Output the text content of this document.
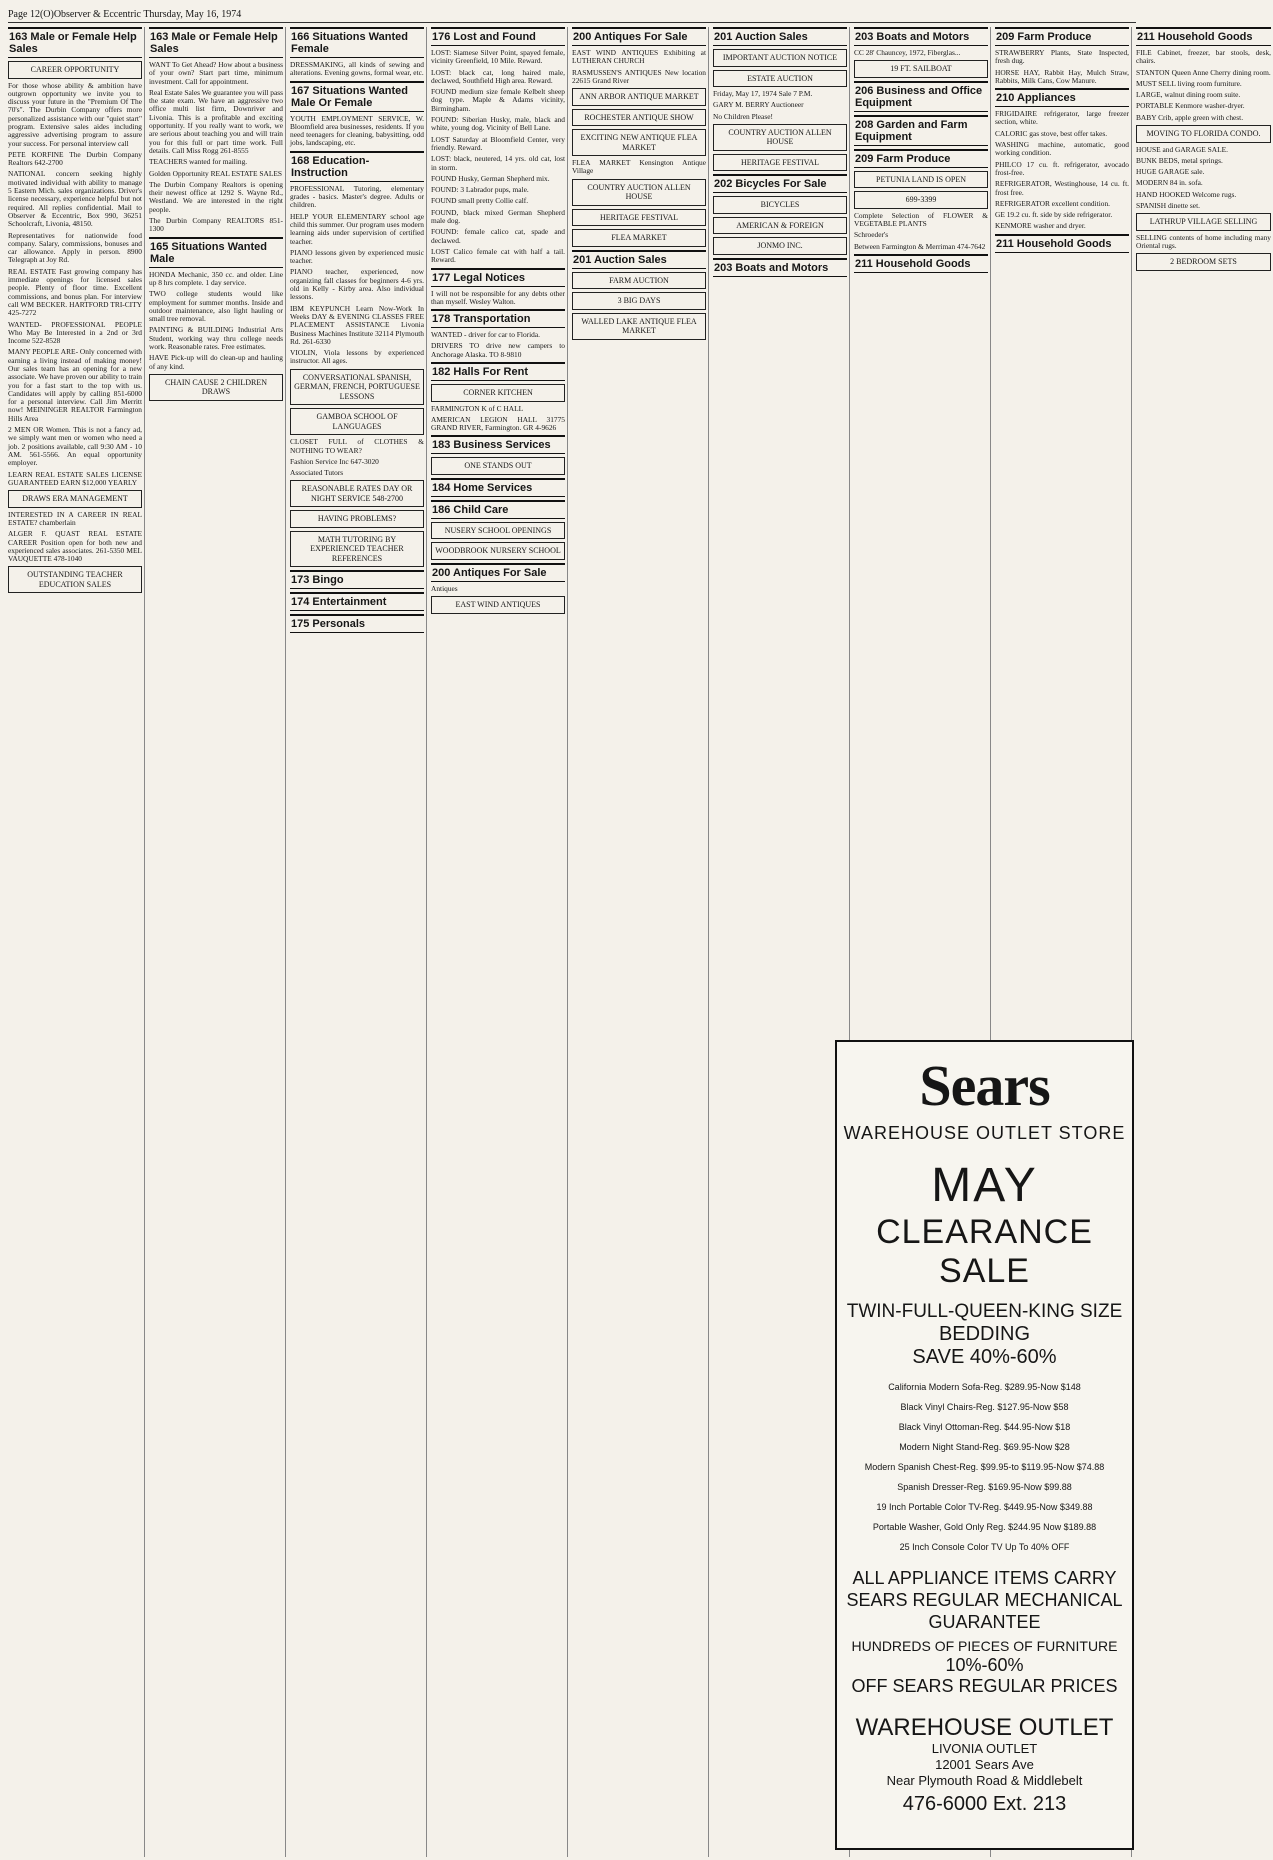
Page 12(O)Observer & Eccentric Thursday, May 16, 1974
163 Male or Female Help Sales
CAREER OPPORTUNITY
For those whose ability & ambition have outgrown opportunity we invite you to discuss your future in the "Premium Of The 70's". The Durbin Company offers more personalized assistance with our "quiet start" program. Extensive sales aides including aggressive advertising program to assure your success. For personal interview call
PETE KORFINE The Durbin Company Realtors 642-2700
NATIONAL concern seeking highly motivated individual with ability to manage 5 Eastern Mich. sales organizations. Driver's license necessary, experience helpful but not required. All replies confidential. Mail to Observer & Eccentric, Box 990, 36251 Schoolcraft, Livonia, 48150.
Representatives for nationwide food company. Salary, commissions, bonuses and car allowance. Apply in person. 8900 Telegraph at Joy Rd.
REAL ESTATE Fast growing company has immediate openings for licensed sales people. Plenty of floor time. Excellent commissions, and bonus plan. For interview call WM BECKER. HARTFORD TRI-CITY 425-7272
WANTED- PROFESSIONAL PEOPLE Who May Be Interested in a 2nd or 3rd Income 522-8528
MANY PEOPLE ARE- Only concerned with earning a living instead of making money! Our sales team has an opening for a new associate. We have proven our ability to train you for a fast start to the top with us. Candidates will apply by calling 851-6000 for a personal interview. Call Jim Merritt now! MEININGER REALTOR Farmington Hills Area
2 MEN OR Women. This is not a fancy ad, we simply want men or women who need a job. 2 positions available, call 9:30 AM - 10 AM. 561-5566. An equal opportunity employer.
LEARN REAL ESTATE SALES LICENSE GUARANTEED EARN $12,000 YEARLY
DRAWS ERA MANAGEMENT
INTERESTED IN A CAREER IN REAL ESTATE? chamberlain
ALGER F. QUAST REAL ESTATE CAREER Position open for both new and experienced sales associates. 261-5350 MEL VAUQUETTE 478-1040
OUTSTANDING TEACHER EDUCATION SALES
163 Male or Female Help Sales
WANT To Get Ahead? How about a business of your own? Start part time, minimum investment. Call for appointment.
Real Estate Sales We guarantee you will pass the state exam. We have an aggressive two office multi list firm, Downriver and Livonia. This is a profitable and exciting opportunity. If you really want to work, we are serious about teaching you and will train you for this full or part time work. Full details. Call Miss Rogg 261-8555
TEACHERS wanted for mailing.
Golden Opportunity REAL ESTATE SALES
The Durbin Company Realtors is opening their newest office at 1292 S. Wayne Rd., Westland. We are interested in the right people.
The Durbin Company REALTORS 851-1300
165 Situations Wanted Male
HONDA Mechanic, 350 cc. and older. Line up 8 hrs complete. 1 day service.
TWO college students would like employment for summer months. Inside and outdoor maintenance, also light hauling or small tree removal.
PAINTING & BUILDING Industrial Arts Student, working way thru college needs work. Reasonable rates. Free estimates.
HAVE Pick-up will do clean-up and hauling of any kind.
CHAIN CAUSE 2 CHILDREN DRAWS
166 Situations Wanted Female
DRESSMAKING, all kinds of sewing and alterations. Evening gowns, formal wear, etc.
167 Situations Wanted Male Or Female
YOUTH EMPLOYMENT SERVICE, W. Bloomfield area businesses, residents. If you need teenagers for cleaning, babysitting, odd jobs, landscaping, etc.
168 Education-Instruction
PROFESSIONAL Tutoring, elementary grades - basics. Master's degree. Adults or children.
HELP YOUR ELEMENTARY school age child this summer. Our program uses modern learning aids under supervision of certified teacher.
PIANO lessons given by experienced music teacher.
PIANO teacher, experienced, now organizing fall classes for beginners 4-6 yrs. old in Kelly - Kirby area. Also individual lessons.
IBM KEYPUNCH Learn Now-Work In Weeks DAY & EVENING CLASSES FREE PLACEMENT ASSISTANCE Livonia Business Machines Institute 32114 Plymouth Rd. 261-6330
VIOLIN, Viola lessons by experienced instructor. All ages.
CONVERSATIONAL SPANISH, GERMAN, FRENCH, PORTUGUESE LESSONS
GAMBOA SCHOOL OF LANGUAGES
CLOSET FULL of CLOTHES & NOTHING TO WEAR?
Fashion Service Inc 647-3020
Associated Tutors
REASONABLE RATES DAY OR NIGHT SERVICE 548-2700
HAVING PROBLEMS?
MATH TUTORING BY EXPERIENCED TEACHER REFERENCES
173 Bingo
174 Entertainment
175 Personals
176 Lost and Found
LOST: Siamese Silver Point, spayed female, vicinity Greenfield, 10 Mile. Reward.
LOST: black cat, long haired male, declawed, Southfield High area. Reward.
FOUND medium size female Kelbelt sheep dog type. Maple & Adams vicinity, Birmingham.
FOUND: Siberian Husky, male, black and white, young dog. Vicinity of Bell Lane.
LOST Saturday at Bloomfield Center, very friendly. Reward.
LOST: black, neutered, 14 yrs. old cat, lost in storm.
FOUND Husky, German Shepherd mix.
FOUND: 3 Labrador pups, male.
FOUND small pretty Collie calf.
FOUND, black mixed German Shepherd male dog.
FOUND: female calico cat, spade and declawed.
LOST Calico female cat with half a tail. Reward.
177 Legal Notices
I will not be responsible for any debts other than myself. Wesley Walton.
178 Transportation
WANTED - driver for car to Florida.
DRIVERS TO drive new campers to Anchorage Alaska. TO 8-9810
182 Halls For Rent
CORNER KITCHEN
FARMINGTON K of C HALL
AMERICAN LEGION HALL 31775 GRAND RIVER, Farmington. GR 4-9626
183 Business Services
ONE STANDS OUT
184 Home Services
186 Child Care
NUSERY SCHOOL OPENINGS
WOODBROOK NURSERY SCHOOL
200 Antiques For Sale
Antiques
EAST WIND ANTIQUES
200 Antiques For Sale
EAST WIND ANTIQUES Exhibiting at LUTHERAN CHURCH
RASMUSSEN'S ANTIQUES New location 22615 Grand River
ANN ARBOR ANTIQUE MARKET
ROCHESTER ANTIQUE SHOW
EXCITING NEW ANTIQUE FLEA MARKET
FLEA MARKET Kensington Antique Village
COUNTRY AUCTION ALLEN HOUSE
HERITAGE FESTIVAL
FLEA MARKET
201 Auction Sales
FARM AUCTION
3 BIG DAYS
WALLED LAKE ANTIQUE FLEA MARKET
201 Auction Sales
IMPORTANT AUCTION NOTICE
ESTATE AUCTION
Friday, May 17, 1974 Sale 7 P.M.
GARY M. BERRY Auctioneer
No Children Please!
COUNTRY AUCTION ALLEN HOUSE
HERITAGE FESTIVAL
202 Bicycles For Sale
BICYCLES
AMERICAN & FOREIGN
JONMO INC.
203 Boats and Motors
203 Boats and Motors
CC 28' Chauncey, 1972, Fiberglas...
19 FT. SAILBOAT
206 Business and Office Equipment
208 Garden and Farm Equipment
209 Farm Produce
PETUNIA LAND IS OPEN
699-3399
Complete Selection of FLOWER & VEGETABLE PLANTS
Schroeder's
Between Farmington & Merriman 474-7642
211 Household Goods
209 Farm Produce
STRAWBERRY Plants, State Inspected, fresh dug.
HORSE HAY, Rabbit Hay, Mulch Straw, Rabbits, Milk Cans, Cow Manure.
210 Appliances
FRIGIDAIRE refrigerator, large freezer section, white.
CALORIC gas stove, best offer takes.
WASHING machine, automatic, good working condition.
PHILCO 17 cu. ft. refrigerator, avocado frost-free.
REFRIGERATOR, Westinghouse, 14 cu. ft. frost free.
REFRIGERATOR excellent condition.
GE 19.2 cu. ft. side by side refrigerator.
KENMORE washer and dryer.
211 Household Goods
211 Household Goods
FILE Cabinet, freezer, bar stools, desk, chairs.
STANTON Queen Anne Cherry dining room.
MUST SELL living room furniture.
LARGE, walnut dining room suite.
PORTABLE Kenmore washer-dryer.
BABY Crib, apple green with chest.
MOVING TO FLORIDA CONDO.
HOUSE and GARAGE SALE.
BUNK BEDS, metal springs.
HUGE GARAGE sale.
MODERN 84 in. sofa.
HAND HOOKED Welcome rugs.
SPANISH dinette set.
LATHRUP VILLAGE SELLING
SELLING contents of home including many Oriental rugs.
2 BEDROOM SETS
Sears
WAREHOUSE OUTLET STORE
MAY
CLEARANCE SALE
TWIN-FULL-QUEEN-KING SIZE
BEDDING
SAVE 40%-60%
California Modern Sofa-Reg. $289.95-Now $148
Black Vinyl Chairs-Reg. $127.95-Now $58
Black Vinyl Ottoman-Reg. $44.95-Now $18
Modern Night Stand-Reg. $69.95-Now $28
Modern Spanish Chest-Reg. $99.95-to $119.95-Now $74.88
Spanish Dresser-Reg. $169.95-Now $99.88
19 Inch Portable Color TV-Reg. $449.95-Now $349.88
Portable Washer, Gold Only Reg. $244.95 Now $189.88
25 Inch Console Color TV Up To 40% OFF
ALL APPLIANCE ITEMS CARRY SEARS REGULAR MECHANICAL GUARANTEE
HUNDREDS OF PIECES OF FURNITURE
10%-60%
OFF SEARS REGULAR PRICES
WAREHOUSE OUTLET
LIVONIA OUTLET
12001 Sears Ave
Near Plymouth Road & Middlebelt
476-6000 Ext. 213
